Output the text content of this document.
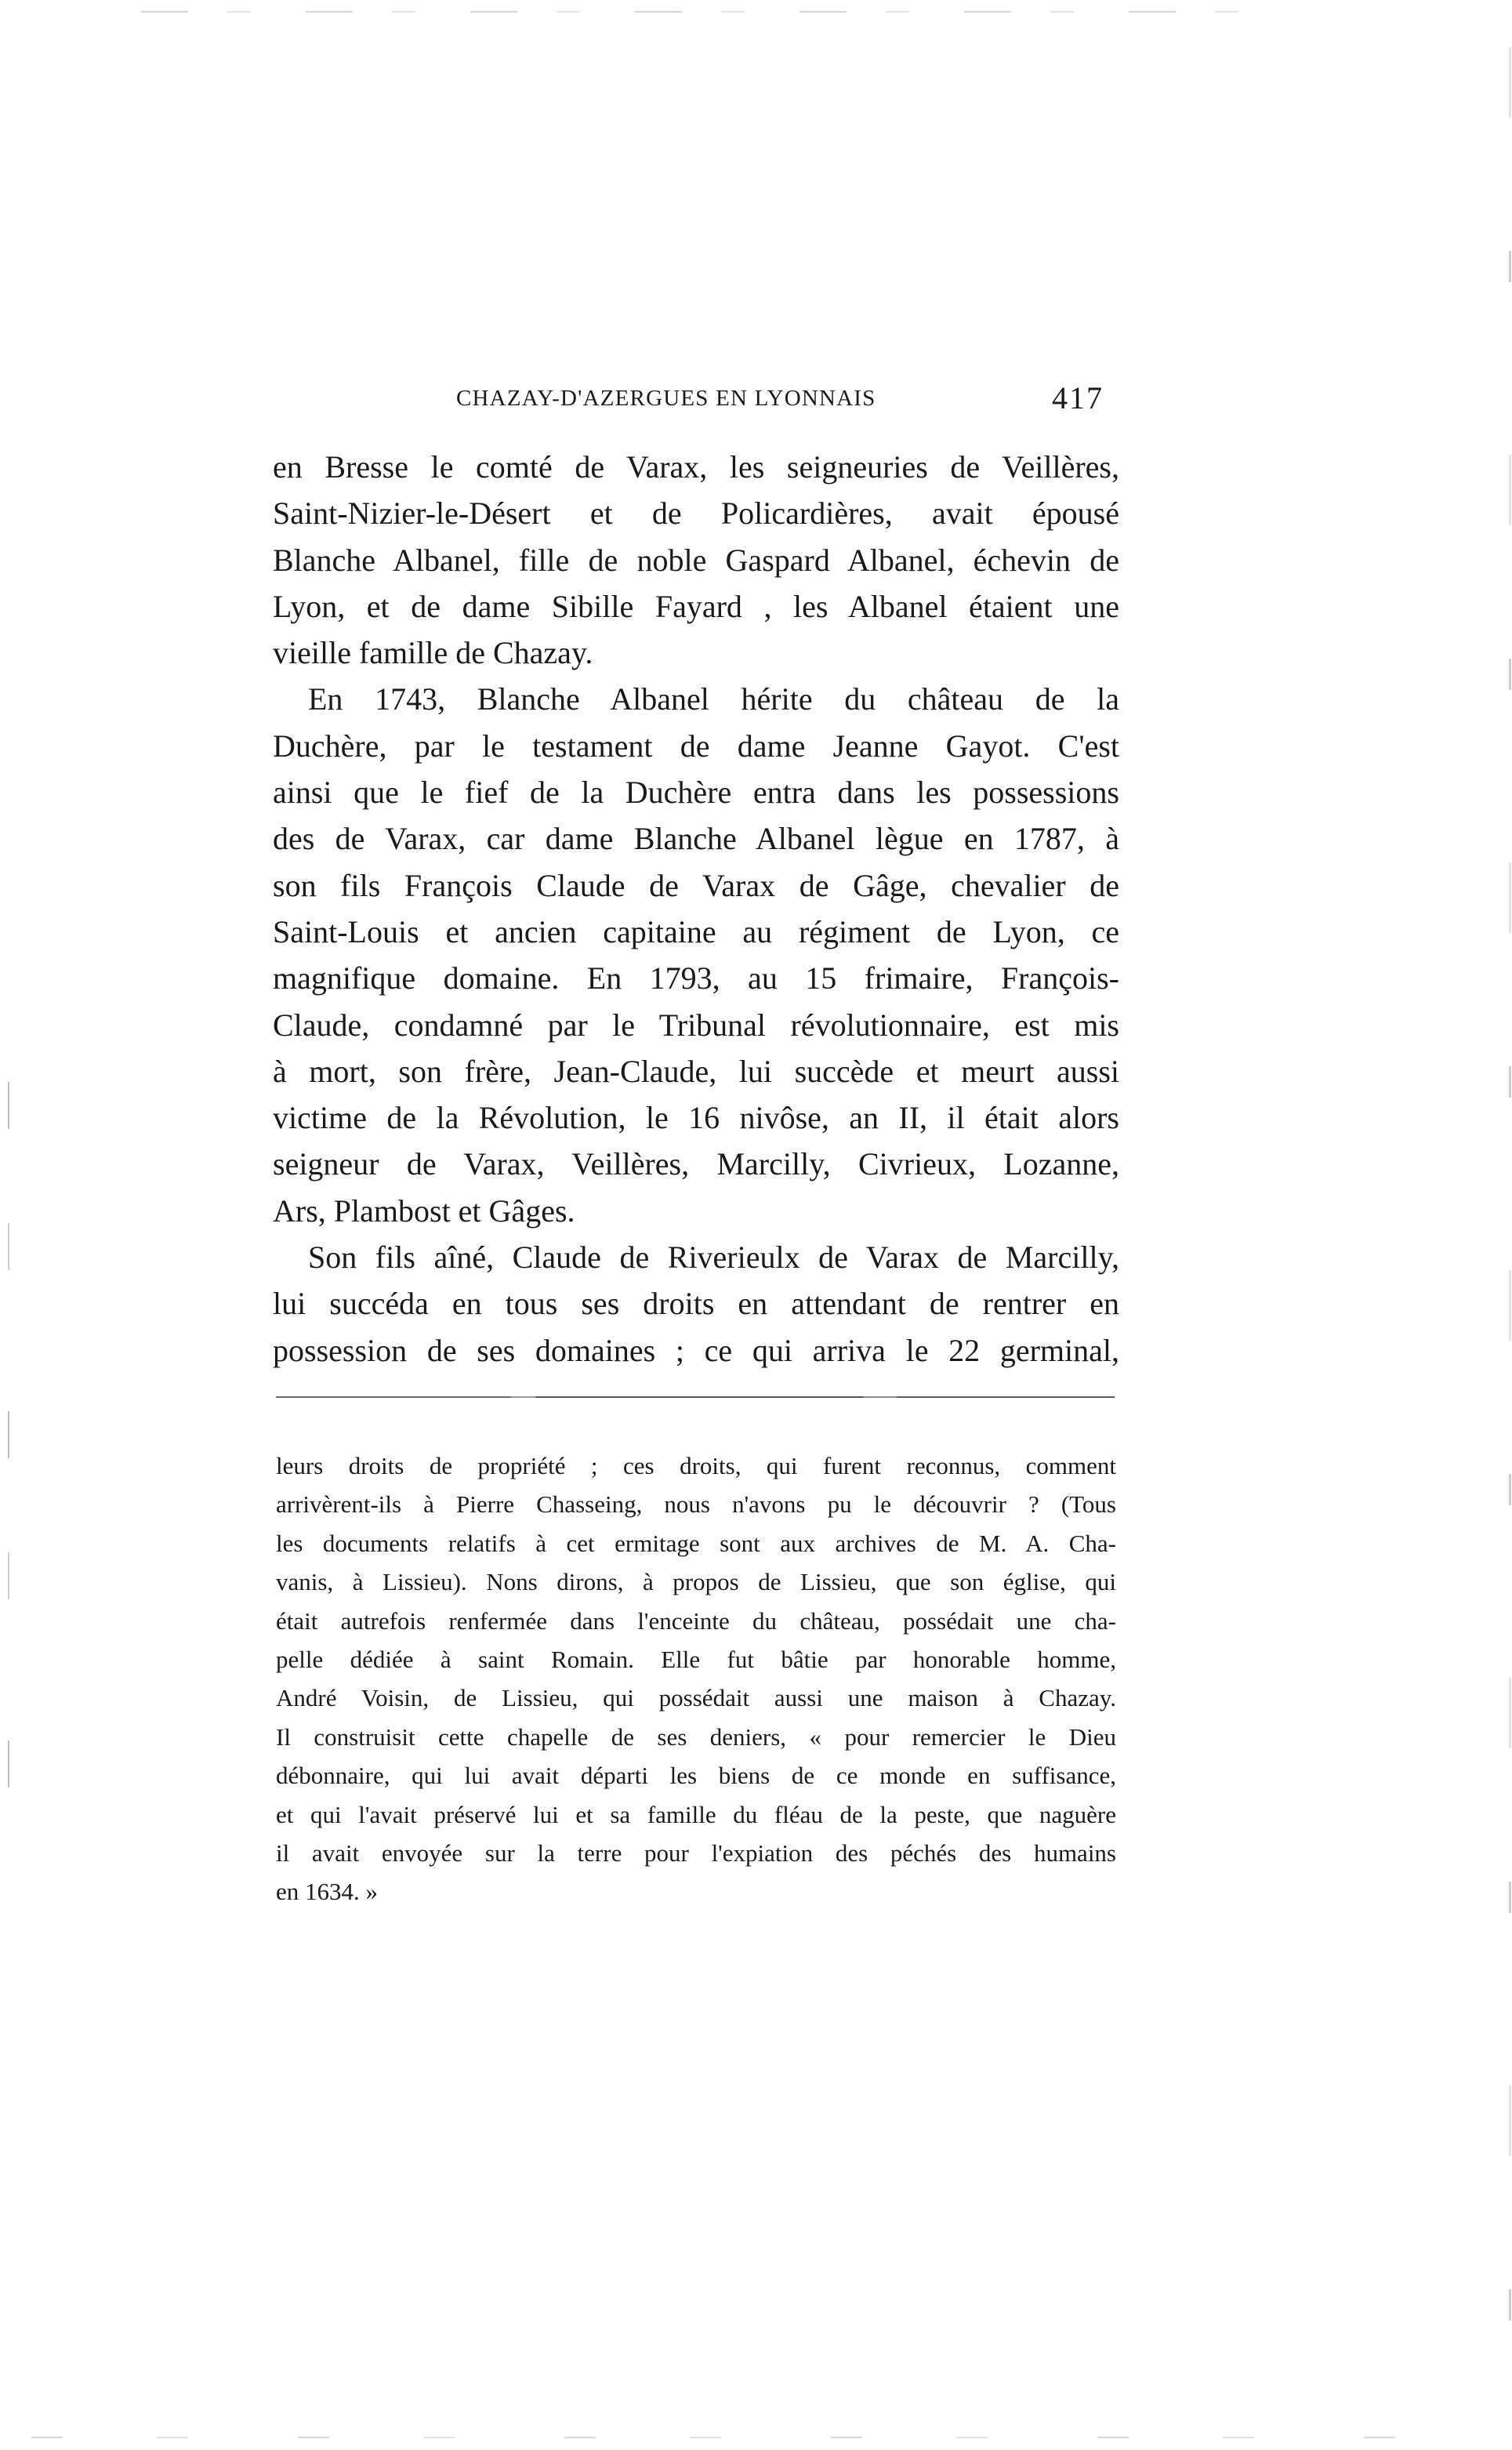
CHAZAY-D'AZERGUES EN LYONNAIS	417
en Bresse le comté de Varax, les seigneuries de Veillères,
Saint-Nizier-le-Désert et de Policardières, avait épousé
Blanche Albanel, fille de noble Gaspard Albanel, échevin de
Lyon, et de dame Sibille Fayard , les Albanel étaient une
vieille famille de Chazay.
En 1743, Blanche Albanel hérite du château de la
Duchère, par le testament de dame Jeanne Gayot. C'est
ainsi que le fief de la Duchère entra dans les possessions
des de Varax, car dame Blanche Albanel lègue en 1787, à
son fils François Claude de Varax de Gâge, chevalier de
Saint-Louis et ancien capitaine au régiment de Lyon, ce
magnifique domaine. En 1793, au 15 frimaire, François-
Claude, condamné par le Tribunal révolutionnaire, est mis
à mort, son frère, Jean-Claude, lui succède et meurt aussi
victime de la Révolution, le 16 nivôse, an II, il était alors
seigneur de Varax, Veillères, Marcilly, Civrieux, Lozanne,
Ars, Plambost et Gâges.
Son fils aîné, Claude de Riverieulx de Varax de Marcilly,
lui succéda en tous ses droits en attendant de rentrer en
possession de ses domaines ; ce qui arriva le 22 germinal,
leurs droits de propriété ; ces droits, qui furent reconnus, comment
arrivèrent-ils à Pierre Chasseing, nous n'avons pu le découvrir ? (Tous
les documents relatifs à cet ermitage sont aux archives de M. A. Cha-
vanis, à Lissieu). Nons dirons, à propos de Lissieu, que son église, qui
était autrefois renfermée dans l'enceinte du château, possédait une cha-
pelle dédiée à saint Romain. Elle fut bâtie par honorable homme,
André Voisin, de Lissieu, qui possédait aussi une maison à Chazay.
Il construisit cette chapelle de ses deniers, « pour remercier le Dieu
débonnaire, qui lui avait départi les biens de ce monde en suffisance,
et qui l'avait préservé lui et sa famille du fléau de la peste, que naguère
il avait envoyée sur la terre pour l'expiation des péchés des humains
en 1634. »
